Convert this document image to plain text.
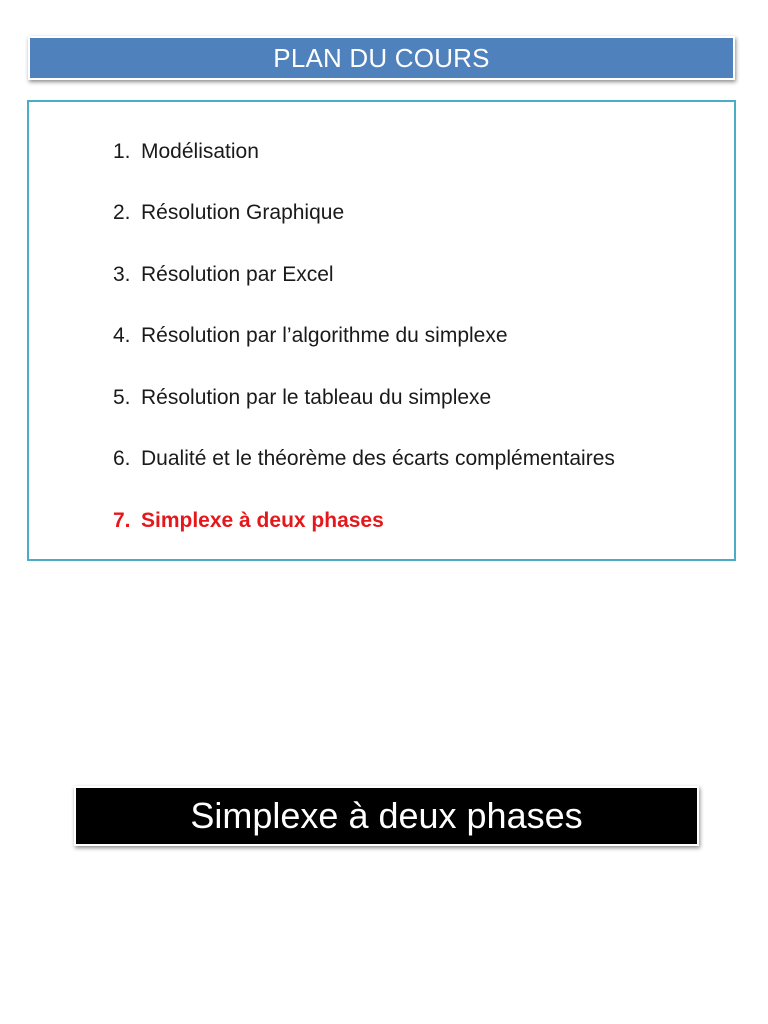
PLAN DU COURS
1. Modélisation
2. Résolution Graphique
3. Résolution par Excel
4. Résolution par l’algorithme du simplexe
5. Résolution par le tableau du simplexe
6. Dualité et le théorème des écarts complémentaires
7. Simplexe à deux phases
Simplexe à deux phases
